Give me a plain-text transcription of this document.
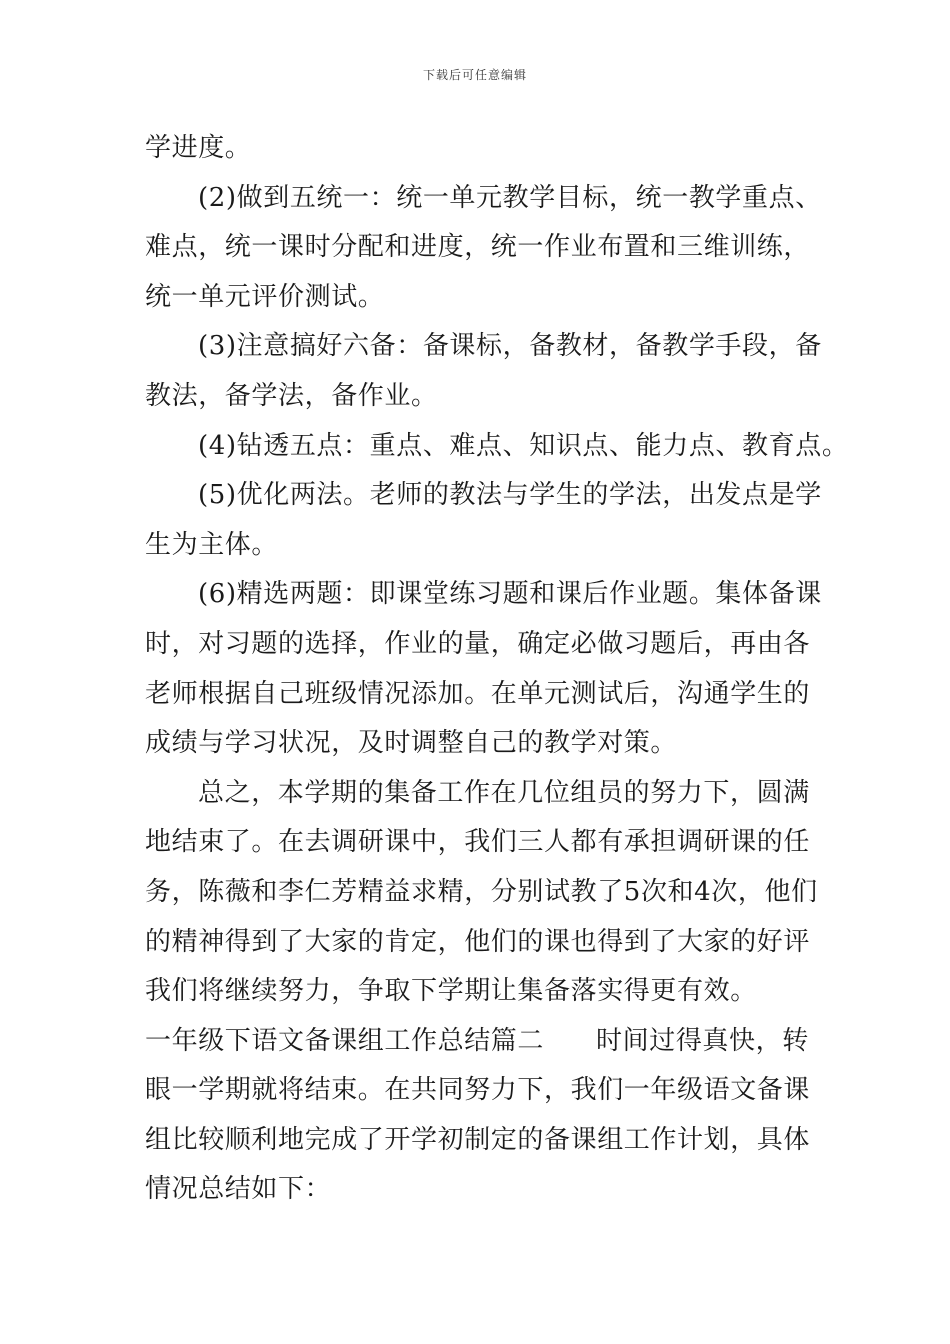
下载后可任意编辑
学进度。
(2)做到五统一：统一单元教学目标，统一教学重点、
难点，统一课时分配和进度，统一作业布置和三维训练，
统一单元评价测试。
(3)注意搞好六备：备课标，备教材，备教学手段，备
教法，备学法，备作业。
(4)钻透五点：重点、难点、知识点、能力点、教育点。
(5)优化两法。老师的教法与学生的学法，出发点是学
生为主体。
(6)精选两题：即课堂练习题和课后作业题。集体备课
时，对习题的选择，作业的量，确定必做习题后，再由各
老师根据自己班级情况添加。在单元测试后，沟通学生的
成绩与学习状况，及时调整自己的教学对策。
总之，本学期的集备工作在几位组员的努力下，圆满
地结束了。在去调研课中，我们三人都有承担调研课的任
务，陈薇和李仁芳精益求精，分别试教了5次和4次，他们
的精神得到了大家的肯定，他们的课也得到了大家的好评
我们将继续努力，争取下学期让集备落实得更有效。
一年级下语文备课组工作总结篇二 时间过得真快，转
眼一学期就将结束。在共同努力下，我们一年级语文备课
组比较顺利地完成了开学初制定的备课组工作计划，具体
情况总结如下：
